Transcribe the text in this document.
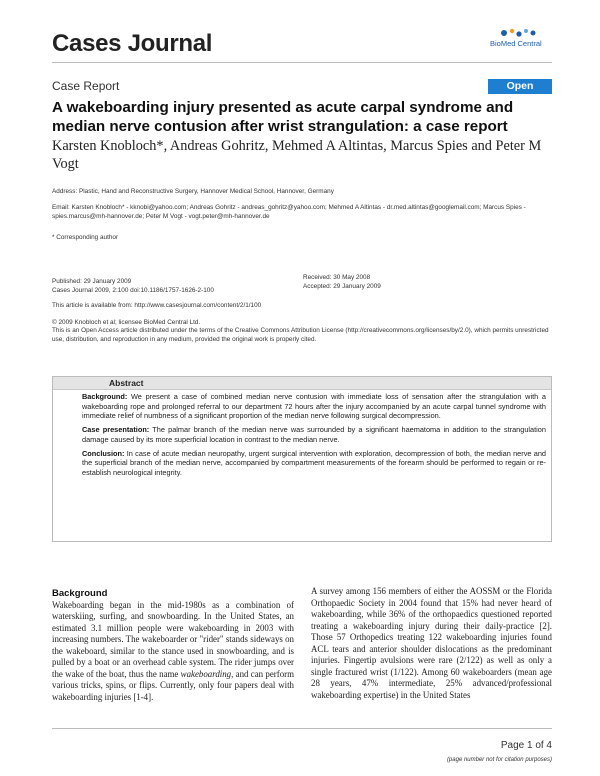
Cases Journal	BioMed Central
Case Report	Open Access
A wakeboarding injury presented as acute carpal syndrome and median nerve contusion after wrist strangulation: a case report
Karsten Knobloch*, Andreas Gohritz, Mehmed A Altintas, Marcus Spies and Peter M Vogt
Address: Plastic, Hand and Reconstructive Surgery, Hannover Medical School, Hannover, Germany
Email: Karsten Knobloch* - kknobi@yahoo.com; Andreas Gohritz - andreas_gohritz@yahoo.com; Mehmed A Altintas - dr.med.altintas@googlemail.com; Marcus Spies - spies.marcus@mh-hannover.de; Peter M Vogt - vogt.peter@mh-hannover.de
* Corresponding author
Published: 29 January 2009
Cases Journal 2009, 2:100 doi:10.1186/1757-1626-2-100
Received: 30 May 2008
Accepted: 29 January 2009
This article is available from: http://www.casesjournal.com/content/2/1/100
© 2009 Knobloch et al; licensee BioMed Central Ltd.
This is an Open Access article distributed under the terms of the Creative Commons Attribution License (http://creativecommons.org/licenses/by/2.0), which permits unrestricted use, distribution, and reproduction in any medium, provided the original work is properly cited.
Abstract

Background: We present a case of combined median nerve contusion with immediate loss of sensation after the strangulation with a wakeboarding rope and prolonged referral to our department 72 hours after the injury accompanied by an acute carpal tunnel syndrome with immediate relief of numbness of a significant proportion of the median nerve following surgical decompression.

Case presentation: The palmar branch of the median nerve was surrounded by a significant haematoma in addition to the strangulation damage caused by its more superficial location in contrast to the median nerve.

Conclusion: In case of acute median neuropathy, urgent surgical intervention with exploration, decompression of both, the median nerve and the superficial branch of the median nerve, accompanied by compartment measurements of the forearm should be performed to regain or re-establish neurological integrity.

Background

Wakeboarding began in the mid-1980s as a combination of waterskiing, surfing, and snowboarding. In the United States, an estimated 3.1 million people were wakeboarding in 2003 with increasing numbers. The wakeboarder or "rider" stands sideways on the wakeboard, similar to the stance used in snowboarding, and is pulled by a boat or an overhead cable system. The rider jumps over the wake of the boat, thus the name wakeboarding, and can perform various tricks, spins, or flips. Currently, only four papers deal with wakeboarding injuries [1-4].

A survey among 156 members of either the AOSSM or the Florida Orthopaedic Society in 2004 found that 15% had never heard of wakeboarding, while 36% of the orthopaedics questioned reported treating a wakeboarding injury during their daily-practice [2]. Those 57 Orthopedics treating 122 wakeboarding injuries found ACL tears and anterior shoulder dislocations as the predominant injuries. Fingertip avulsions were rare (2/122) as well as only a single fractured wrist (1/122). Among 60 wakeboarders (mean age 28 years, 47% intermediate, 25% advanced/professional wakeboarding expertise) in the United States

Page 1 of 4
(page number not for citation purposes)
